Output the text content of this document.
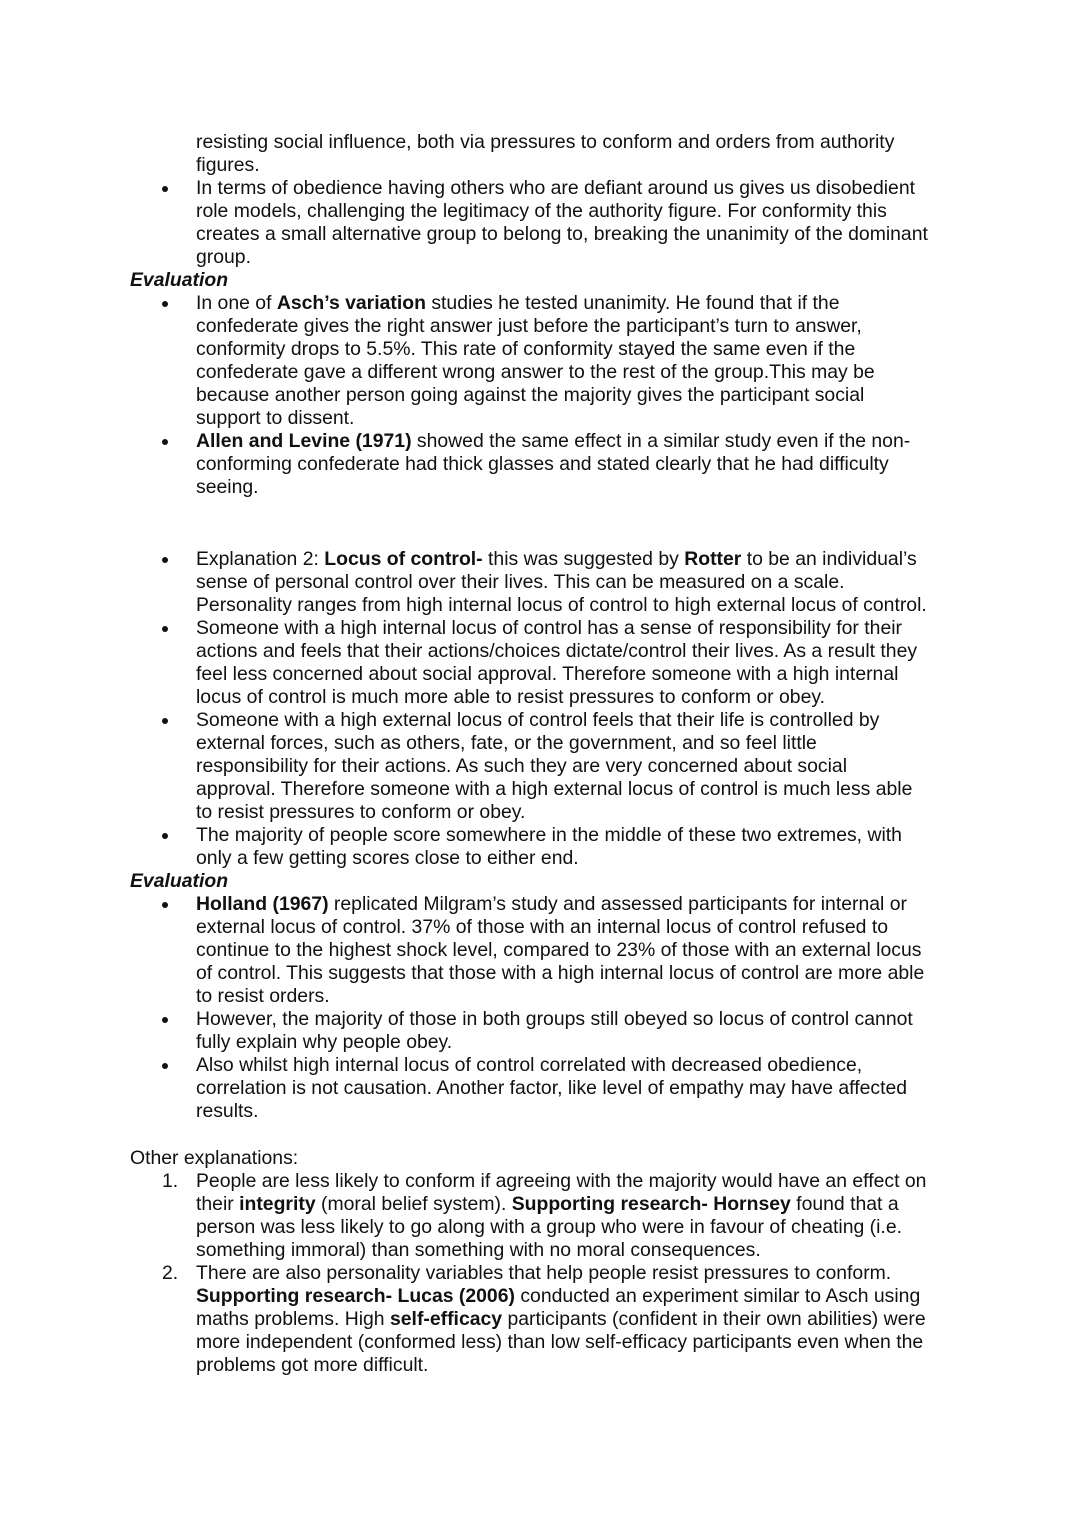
resisting social influence, both via pressures to conform and orders from authority
figures.
In terms of obedience having others who are defiant around us gives us disobedient
role models, challenging the legitimacy of the authority figure. For conformity this
creates a small alternative group to belong to, breaking the unanimity of the dominant
group.
Evaluation
In one of Asch’s variation studies he tested unanimity. He found that if the
confederate gives the right answer just before the participant’s turn to answer,
conformity drops to 5.5%. This rate of conformity stayed the same even if the
confederate gave a different wrong answer to the rest of the group.This may be
because another person going against the majority gives the participant social
support to dissent.
Allen and Levine (1971) showed the same effect in a similar study even if the non-
conforming confederate had thick glasses and stated clearly that he had difficulty
seeing.
Explanation 2: Locus of control- this was suggested by Rotter to be an individual’s
sense of personal control over their lives. This can be measured on a scale.
Personality ranges from high internal locus of control to high external locus of control.
Someone with a high internal locus of control has a sense of responsibility for their
actions and feels that their actions/choices dictate/control their lives. As a result they
feel less concerned about social approval. Therefore someone with a high internal
locus of control is much more able to resist pressures to conform or obey.
Someone with a high external locus of control feels that their life is controlled by
external forces, such as others, fate, or the government, and so feel little
responsibility for their actions. As such they are very concerned about social
approval. Therefore someone with a high external locus of control is much less able
to resist pressures to conform or obey.
The majority of people score somewhere in the middle of these two extremes, with
only a few getting scores close to either end.
Evaluation
Holland (1967) replicated Milgram’s study and assessed participants for internal or
external locus of control. 37% of those with an internal locus of control refused to
continue to the highest shock level, compared to 23% of those with an external locus
of control. This suggests that those with a high internal locus of control are more able
to resist orders.
However, the majority of those in both groups still obeyed so locus of control cannot
fully explain why people obey.
Also whilst high internal locus of control correlated with decreased obedience,
correlation is not causation. Another factor, like level of empathy may have affected
results.
Other explanations:
1. People are less likely to conform if agreeing with the majority would have an effect on
their integrity (moral belief system). Supporting research- Hornsey found that a
person was less likely to go along with a group who were in favour of cheating (i.e.
something immoral) than something with no moral consequences.
2. There are also personality variables that help people resist pressures to conform.
Supporting research- Lucas (2006) conducted an experiment similar to Asch using
maths problems. High self-efficacy participants (confident in their own abilities) were
more independent (conformed less) than low self-efficacy participants even when the
problems got more difficult.
